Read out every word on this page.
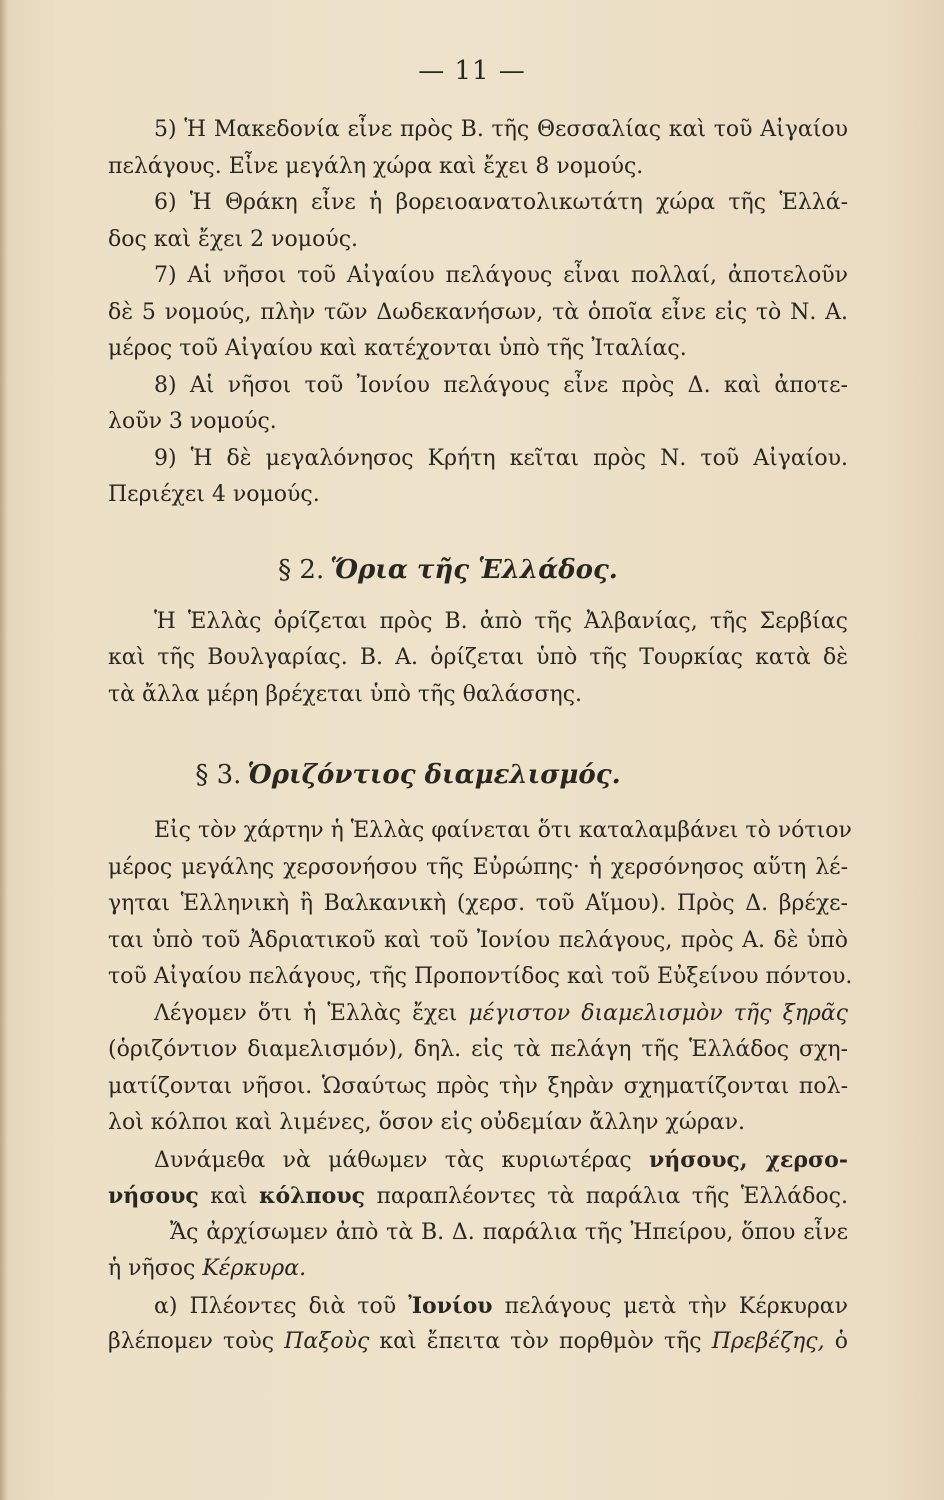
— 11 —
5) Ἡ Μακεδονία εἶνε πρὸς Β. τῆς Θεσσαλίας καὶ τοῦ Αἰγαίου
πελάγους. Εἶνε μεγάλη χώρα καὶ ἔχει 8 νομούς.
6) Ἡ Θράκη εἶνε ἡ βορειοανατολικωτάτη χώρα τῆς Ἑλλά-
δος καὶ ἔχει 2 νομούς.
7) Αἱ νῆσοι τοῦ Αἰγαίου πελάγους εἶναι πολλαί, ἀποτελοῦν
δὲ 5 νομούς, πλὴν τῶν Δωδεκανήσων, τὰ ὁποῖα εἶνε εἰς τὸ Ν. Α.
μέρος τοῦ Αἰγαίου καὶ κατέχονται ὑπὸ τῆς Ἰταλίας.
8) Αἱ νῆσοι τοῦ Ἰονίου πελάγους εἶνε πρὸς Δ. καὶ ἀποτε-
λοῦν 3 νομούς.
9) Ἡ δὲ μεγαλόνησος Κρήτη κεῖται πρὸς Ν. τοῦ Αἰγαίου.
Περιέχει 4 νομούς.
§ 2. Ὅρια τῆς Ἑλλάδος.
Ἡ Ἑλλὰς ὁρίζεται πρὸς Β. ἀπὸ τῆς Ἀλβανίας, τῆς Σερβίας
καὶ τῆς Βουλγαρίας. Β. Α. ὁρίζεται ὑπὸ τῆς Τουρκίας κατὰ δὲ
τὰ ἄλλα μέρη βρέχεται ὑπὸ τῆς θαλάσσης.
§ 3. Ὁριζόντιος διαμελισμός.
Εἰς τὸν χάρτην ἡ Ἑλλὰς φαίνεται ὅτι καταλαμβάνει τὸ νότιον
μέρος μεγάλης χερσονήσου τῆς Εὐρώπης· ἡ χερσόνησος αὕτη λέ-
γηται Ἑλληνικὴ ἢ Βαλκανικὴ (χερσ. τοῦ Αἵμου). Πρὸς Δ. βρέχε-
ται ὑπὸ τοῦ Ἀδριατικοῦ καὶ τοῦ Ἰονίου πελάγους, πρὸς Α. δὲ ὑπὸ
τοῦ Αἰγαίου πελάγους, τῆς Προποντίδος καὶ τοῦ Εὐξείνου πόντου.
Λέγομεν ὅτι ἡ Ἑλλὰς ἔχει μέγιστον διαμελισμὸν τῆς ξηρᾶς
(ὁριζόντιον διαμελισμόν), δηλ. εἰς τὰ πελάγη τῆς Ἑλλάδος σχη-
ματίζονται νῆσοι. Ὡσαύτως πρὸς τὴν ξηρὰν σχηματίζονται πολ-
λοὶ κόλποι καὶ λιμένες, ὅσον εἰς οὐδεμίαν ἄλλην χώραν.
Δυνάμεθα νὰ μάθωμεν τὰς κυριωτέρας νήσους, χερσο-
νήσους καὶ κόλπους παραπλέοντες τὰ παράλια τῆς Ἑλλάδος.
Ἄς ἀρχίσωμεν ἀπὸ τὰ Β. Δ. παράλια τῆς Ἠπείρου, ὅπου εἶνε
ἡ νῆσος Κέρκυρα.
α) Πλέοντες διὰ τοῦ Ἰονίου πελάγους μετὰ τὴν Κέρκυραν
βλέπομεν τοὺς Παξοὺς καὶ ἔπειτα τὸν πορθμὸν τῆς Πρεβέζης, ὁ
